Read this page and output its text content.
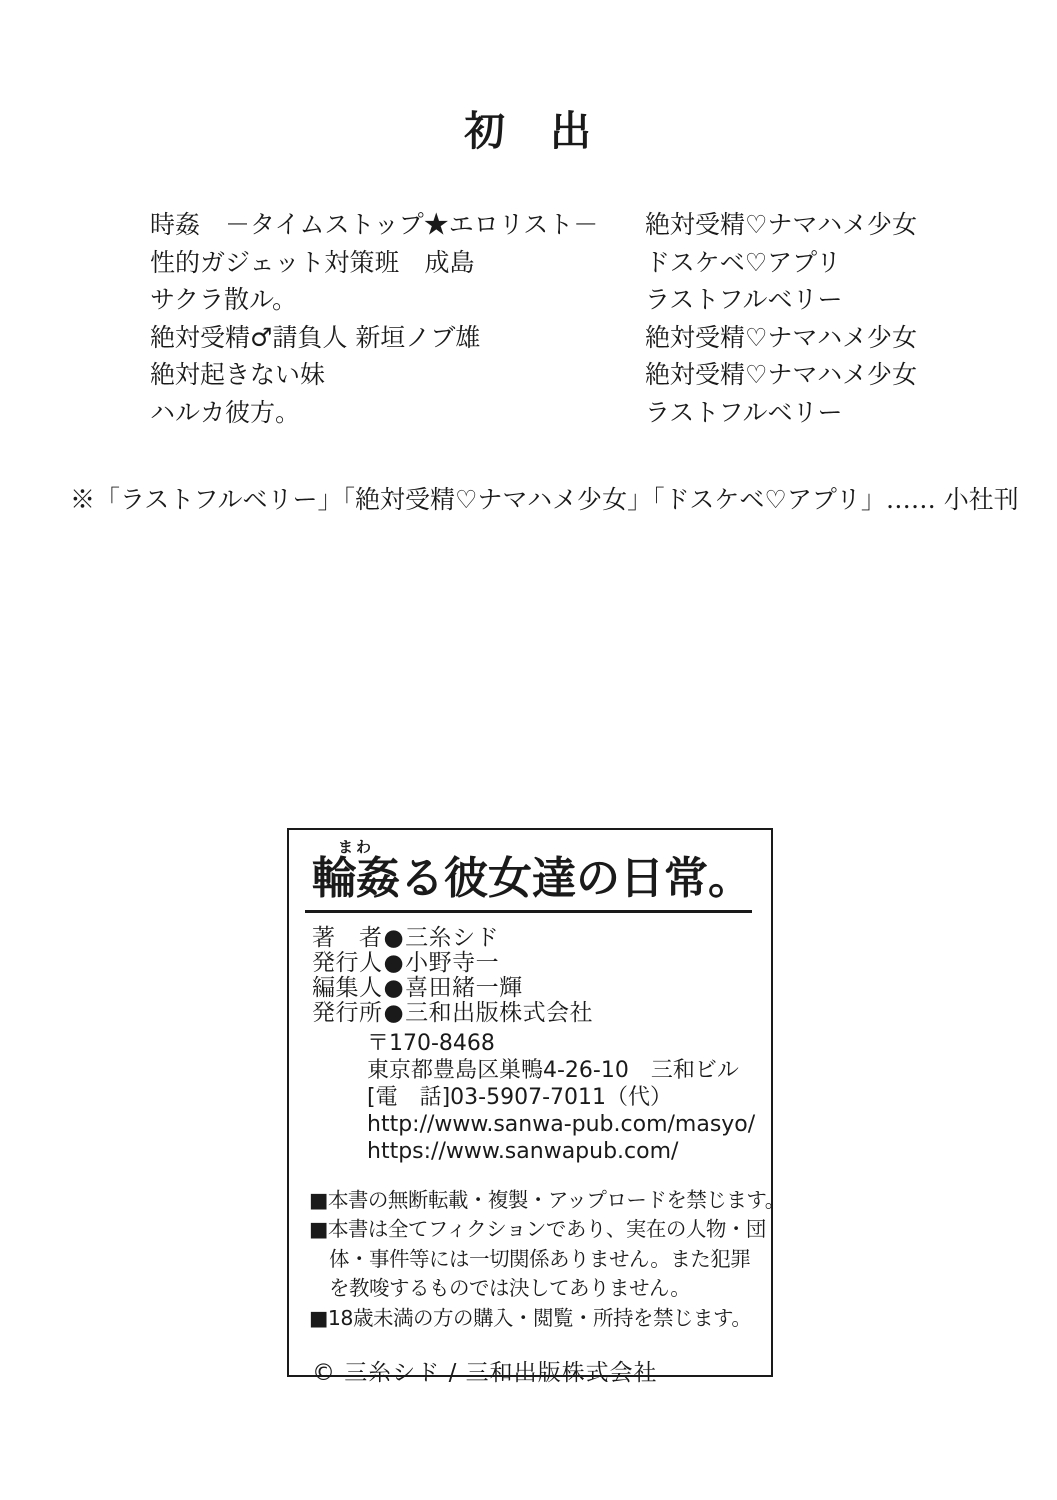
初　出
時姦　－タイムストップ★エロリスト－	絶対受精♡ナマハメ少女
性的ガジェット対策班　成島	ドスケベ♡アプリ
サクラ散ル。	ラストフルベリー
絶対受精♂請負人 新垣ノブ雄	絶対受精♡ナマハメ少女
絶対起きない妹	絶対受精♡ナマハメ少女
ハルカ彼方。	ラストフルベリー
※「ラストフルベリー」「絶対受精♡ナマハメ少女」「ドスケベ♡アプリ」…… 小社刊
輪姦まわる彼女達の日常。
著　者●三糸シド
発行人●小野寺一
編集人●喜田緒一輝
発行所●三和出版株式会社
〒170-8468
東京都豊島区巣鴨4-26-10　三和ビル
[電　話]03-5907-7011（代）
http://www.sanwa-pub.com/masyo/
https://www.sanwapub.com/
■本書の無断転載・複製・アップロードを禁じます。
■本書は全てフィクションであり、実在の人物・団
　体・事件等には一切関係ありません。また犯罪
　を教唆するものでは決してありません。
■18歳未満の方の購入・閲覧・所持を禁じます。
© 三糸シド / 三和出版株式会社
